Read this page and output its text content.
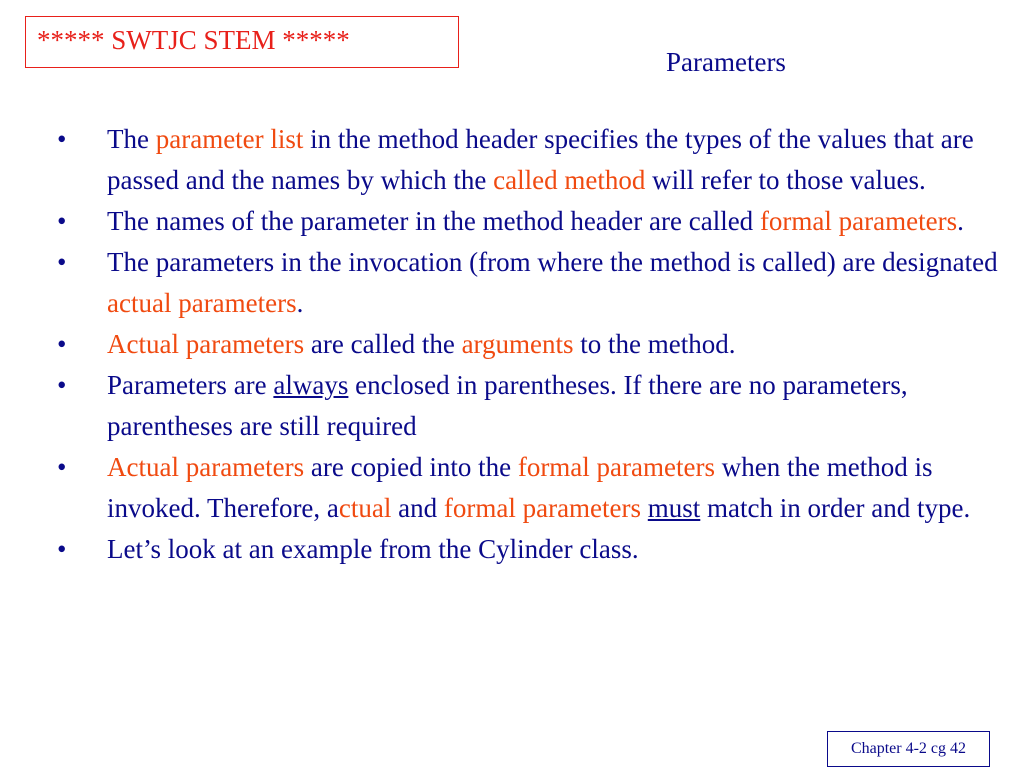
***** SWTJC STEM *****
Parameters
• The parameter list in the method header specifies the types of the values that are passed and the names by which the called method will refer to those values.
• The names of the parameter in the method header are called formal parameters.
• The parameters in the invocation (from where the method is called) are designated actual parameters.
• Actual parameters are called the arguments to the method.
• Parameters are always enclosed in parentheses. If there are no parameters, parentheses are still required
• Actual parameters are copied into the formal parameters when the method is invoked. Therefore, actual and formal parameters must match in order and type.
• Let’s look at an example from the Cylinder class.
Chapter 4-2 cg 42
